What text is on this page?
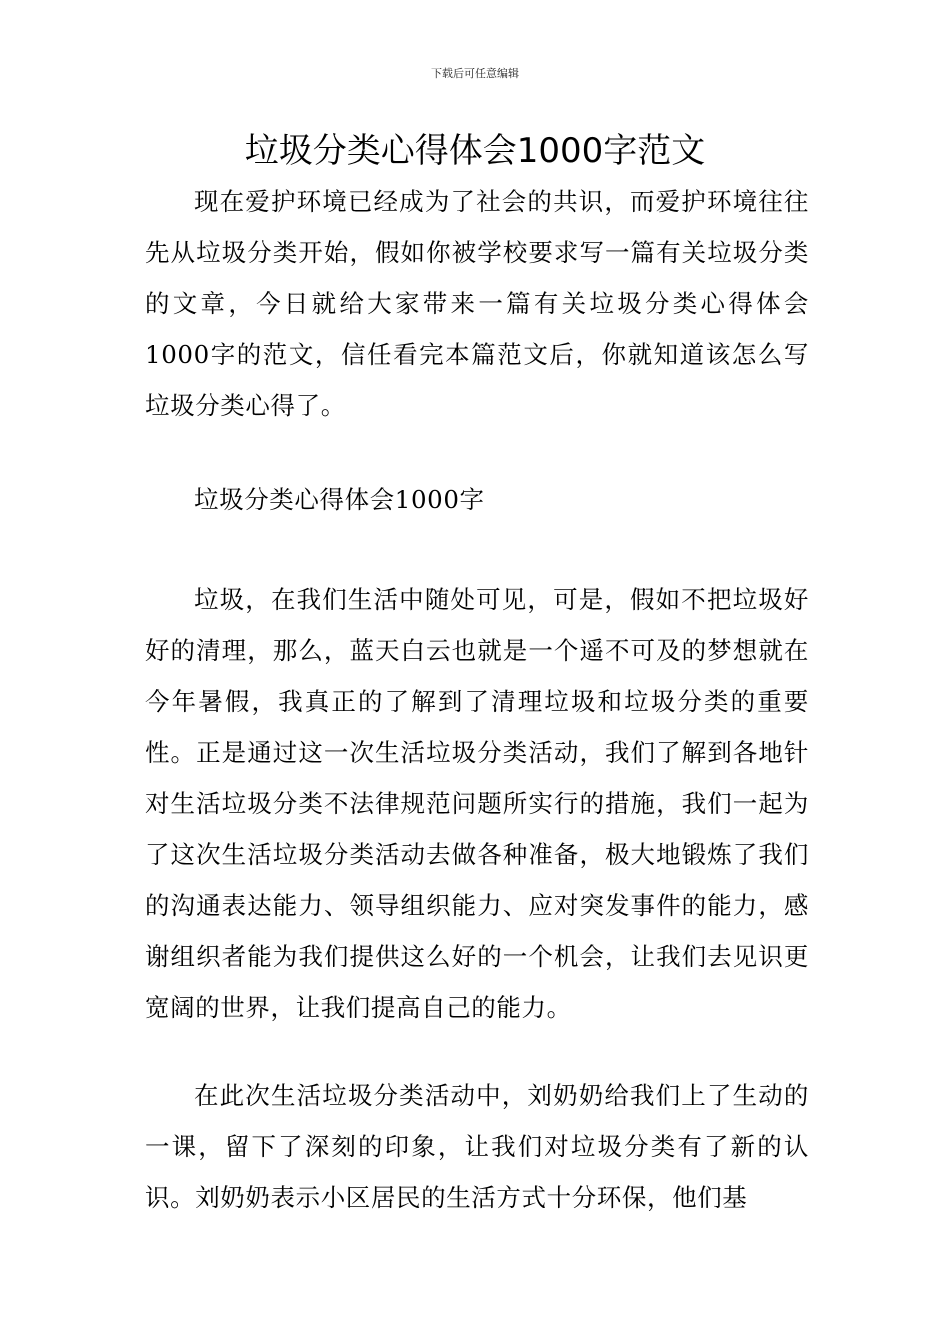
下载后可任意编辑
垃圾分类心得体会1000字范文

现在爱护环境已经成为了社会的共识，而爱护环境往往先从垃圾分类开始，假如你被学校要求写一篇有关垃圾分类的文章，今日就给大家带来一篇有关垃圾分类心得体会1000字的范文，信任看完本篇范文后，你就知道该怎么写垃圾分类心得了。

垃圾分类心得体会1000字

垃圾，在我们生活中随处可见，可是，假如不把垃圾好好的清理，那么，蓝天白云也就是一个遥不可及的梦想就在今年暑假，我真正的了解到了清理垃圾和垃圾分类的重要性。正是通过这一次生活垃圾分类活动，我们了解到各地针对生活垃圾分类不法律规范问题所实行的措施，我们一起为了这次生活垃圾分类活动去做各种准备，极大地锻炼了我们的沟通表达能力、领导组织能力、应对突发事件的能力，感谢组织者能为我们提供这么好的一个机会，让我们去见识更宽阔的世界，让我们提高自己的能力。

在此次生活垃圾分类活动中，刘奶奶给我们上了生动的一课，留下了深刻的印象，让我们对垃圾分类有了新的认识。刘奶奶表示小区居民的生活方式十分环保，他们基
